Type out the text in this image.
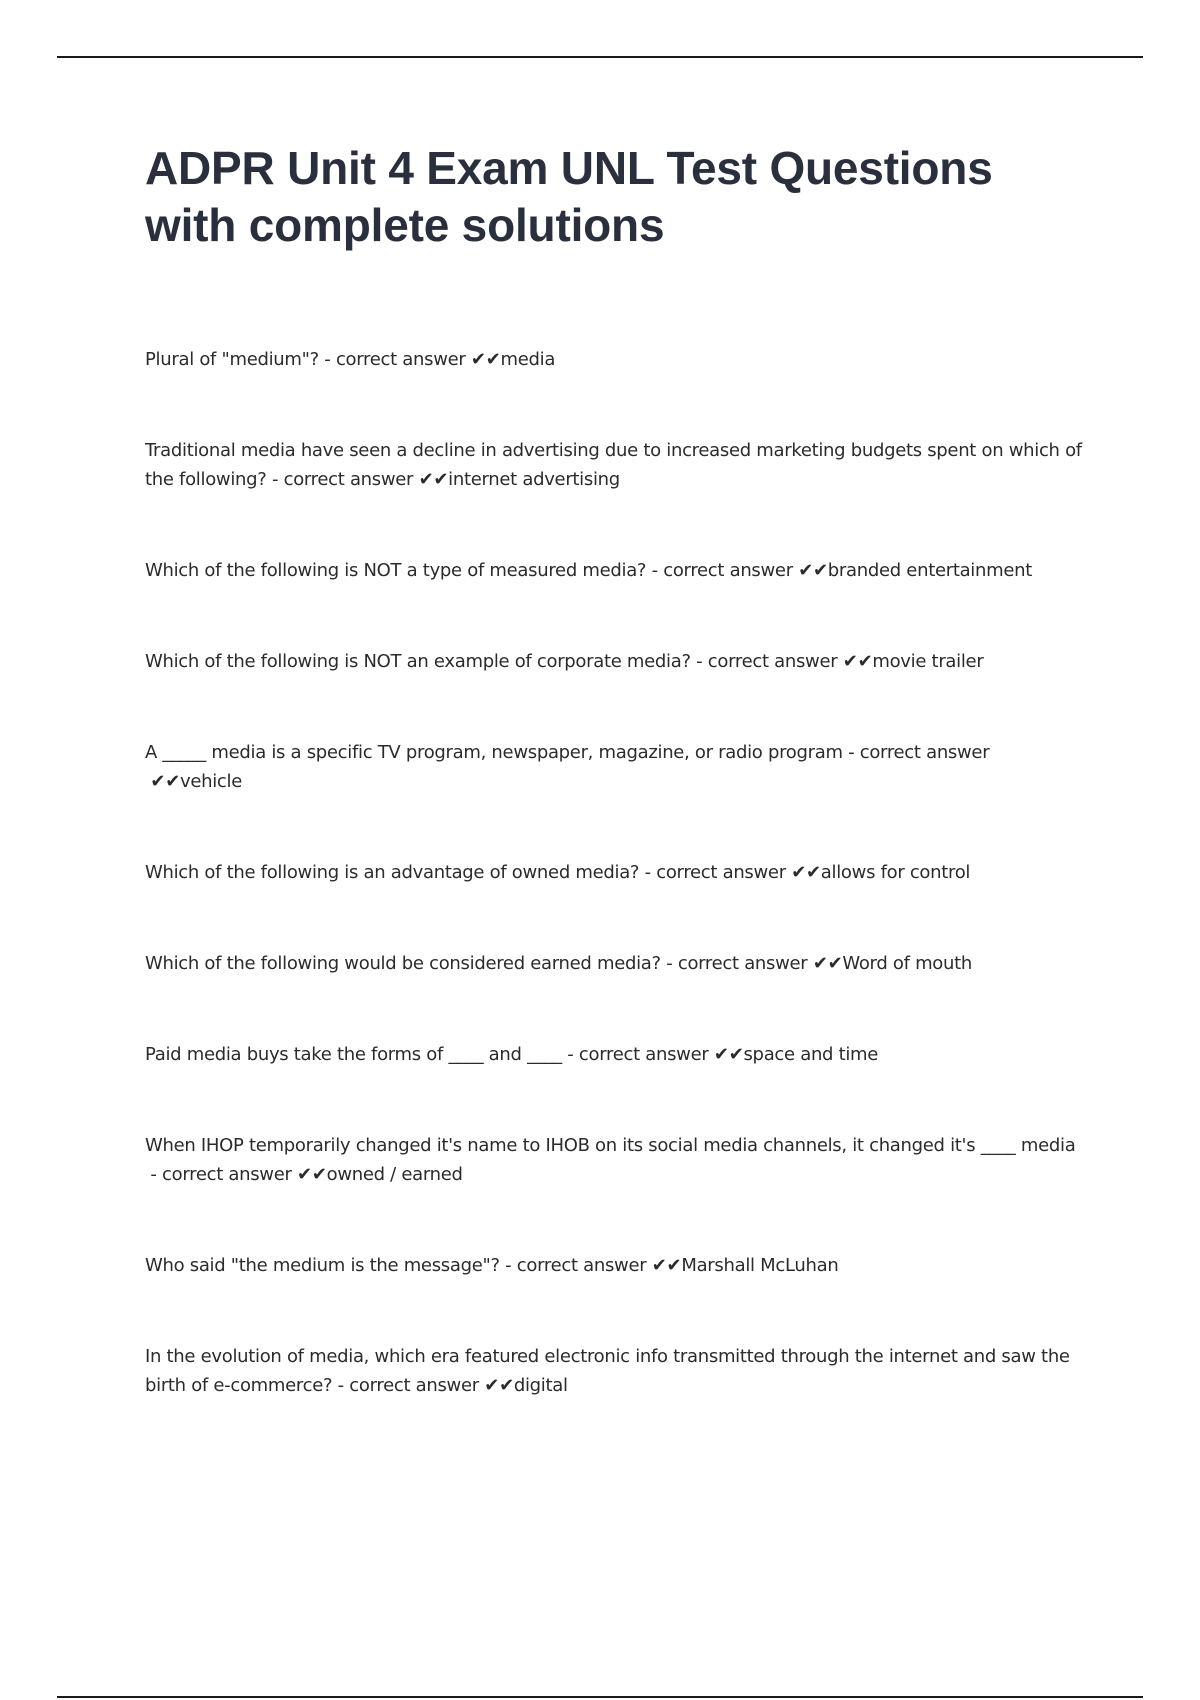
ADPR Unit 4 Exam UNL Test Questions with complete solutions
Plural of "medium"? - correct answer ✔✔media
Traditional media have seen a decline in advertising due to increased marketing budgets spent on which of the following? - correct answer ✔✔internet advertising
Which of the following is NOT a type of measured media? - correct answer ✔✔branded entertainment
Which of the following is NOT an example of corporate media? - correct answer ✔✔movie trailer
A _____ media is a specific TV program, newspaper, magazine, or radio program - correct answer ✔✔vehicle
Which of the following is an advantage of owned media? - correct answer ✔✔allows for control
Which of the following would be considered earned media? - correct answer ✔✔Word of mouth
Paid media buys take the forms of ____ and ____ - correct answer ✔✔space and time
When IHOP temporarily changed it's name to IHOB on its social media channels, it changed it's ____ media - correct answer ✔✔owned / earned
Who said "the medium is the message"? - correct answer ✔✔Marshall McLuhan
In the evolution of media, which era featured electronic info transmitted through the internet and saw the birth of e-commerce? - correct answer ✔✔digital
